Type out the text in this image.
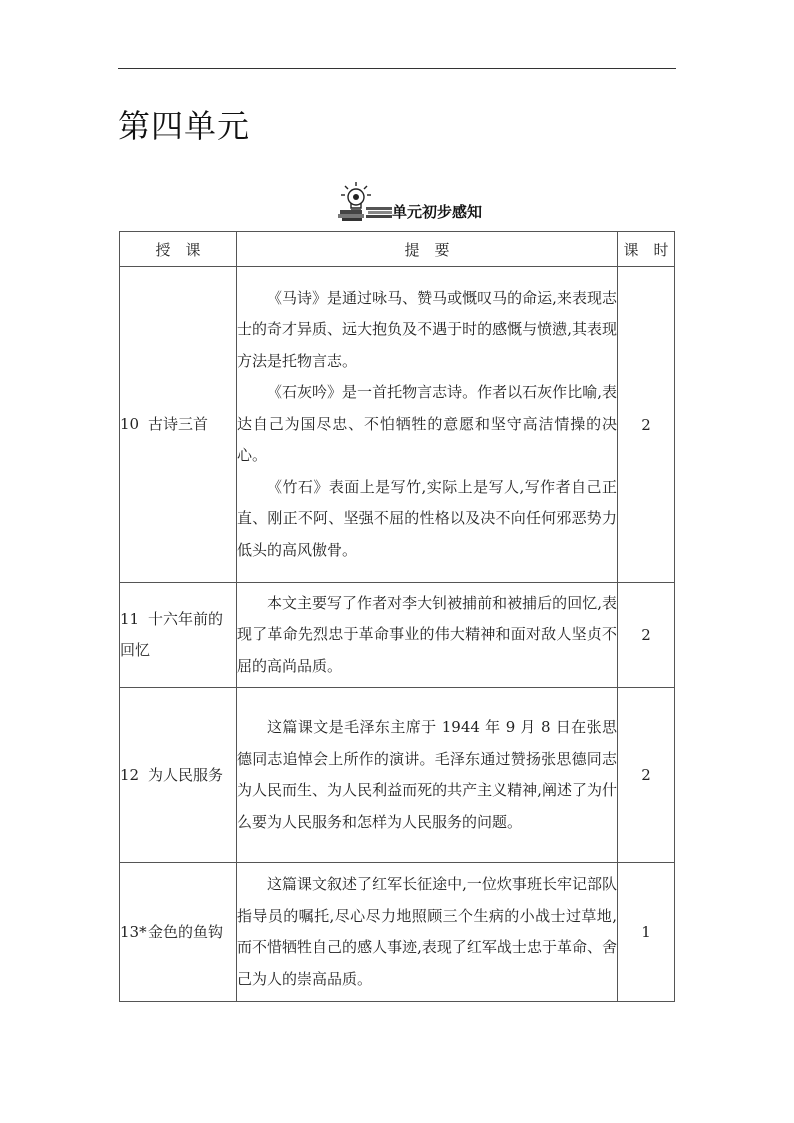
第四单元
单元初步感知
授　课	提　要	课　时
10 古诗三首	《马诗》是通过咏马、赞马或慨叹马的命运,来表现志士的奇才异质、远大抱负及不遇于时的感慨与愤懑,其表现方法是托物言志。

《石灰吟》是一首托物言志诗。作者以石灰作比喻,表达自己为国尽忠、不怕牺牲的意愿和坚守高洁情操的决心。

《竹石》表面上是写竹,实际上是写人,写作者自己正直、刚正不阿、坚强不屈的性格以及决不向任何邪恶势力低头的高风傲骨。	2
11 十六年前的回忆	本文主要写了作者对李大钊被捕前和被捕后的回忆,表现了革命先烈忠于革命事业的伟大精神和面对敌人坚贞不屈的高尚品质。	2
12 为人民服务	这篇课文是毛泽东主席于 1944 年 9 月 8 日在张思德同志追悼会上所作的演讲。毛泽东通过赞扬张思德同志为人民而生、为人民利益而死的共产主义精神,阐述了为什么要为人民服务和怎样为人民服务的问题。	2
13*金色的鱼钩	这篇课文叙述了红军长征途中,一位炊事班长牢记部队指导员的嘱托,尽心尽力地照顾三个生病的小战士过草地,而不惜牺牲自己的感人事迹,表现了红军战士忠于革命、舍己为人的崇高品质。	1
